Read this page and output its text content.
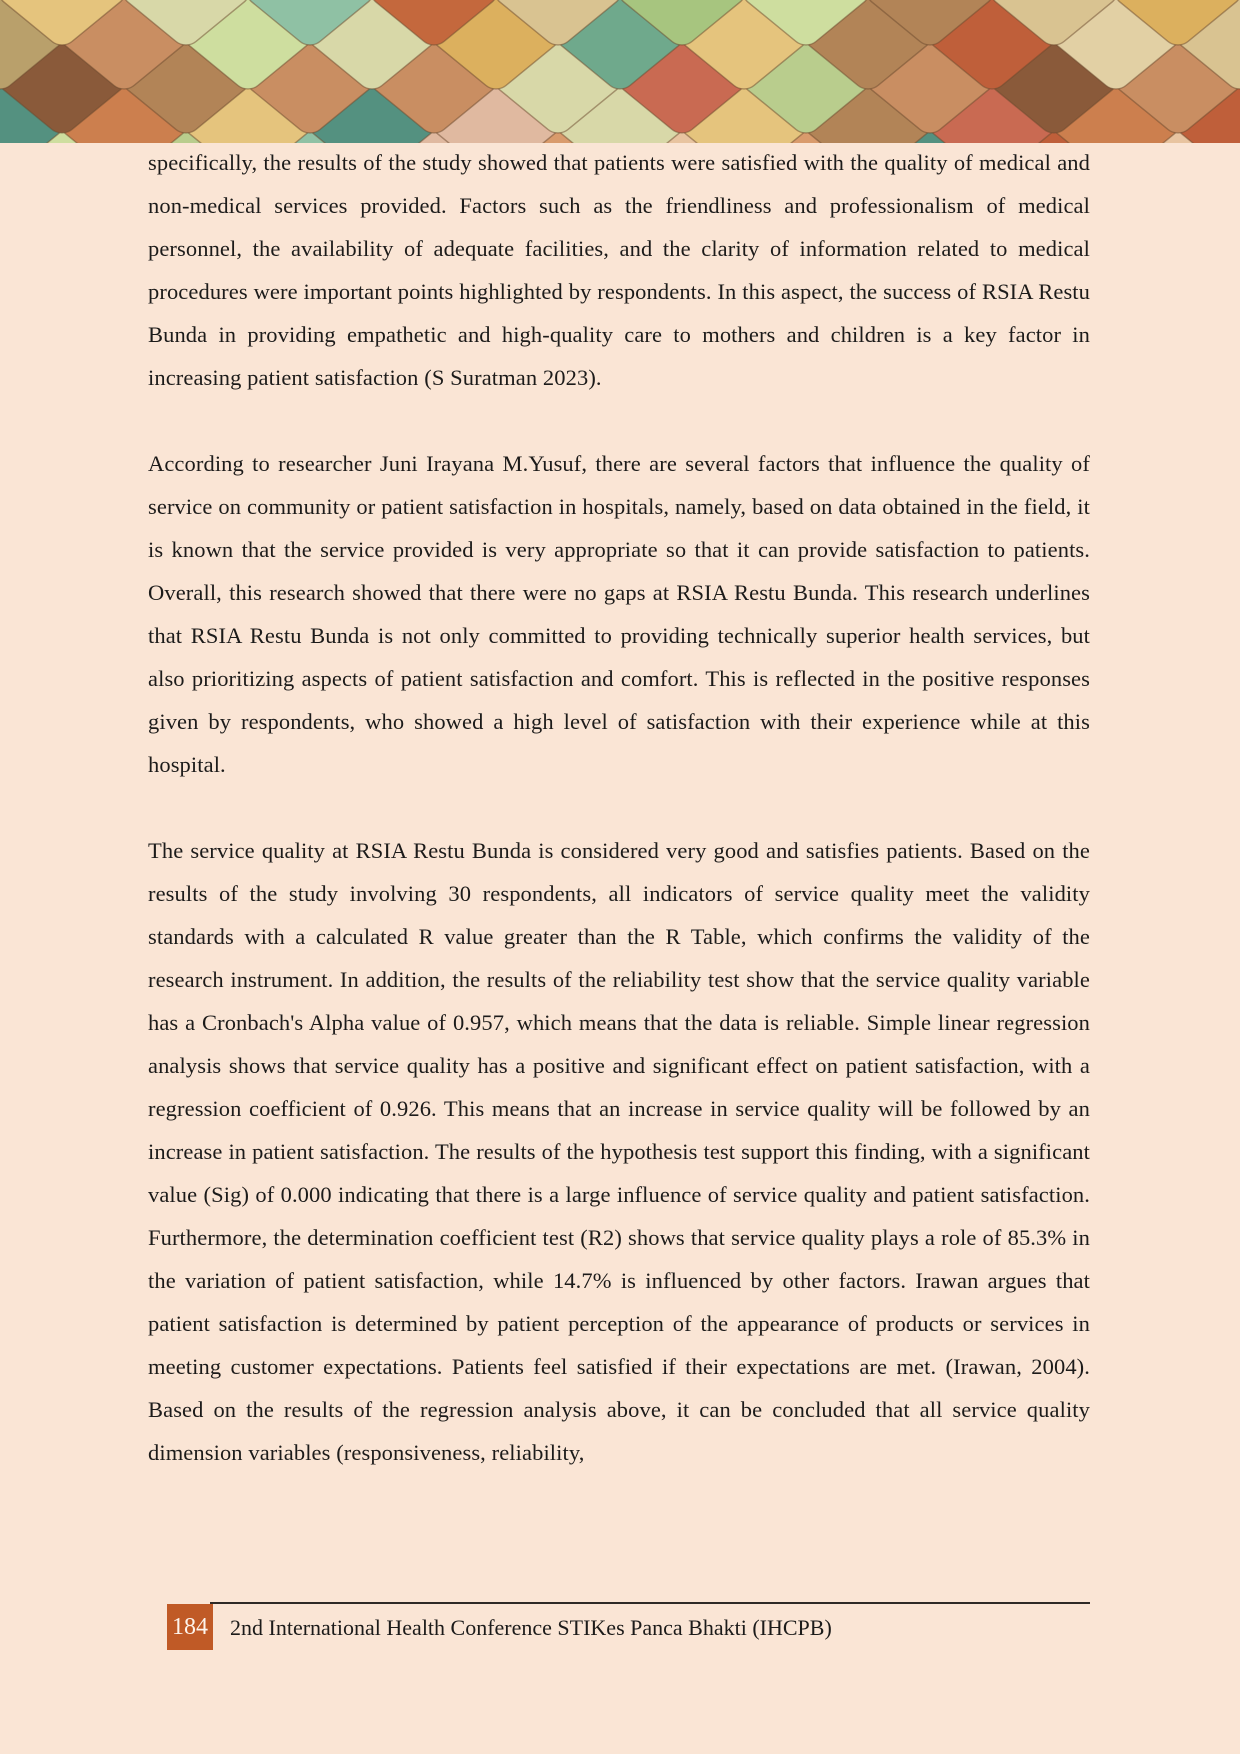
specifically, the results of the study showed that patients were satisfied with the quality of medical and non-medical services provided. Factors such as the friendliness and professionalism of medical personnel, the availability of adequate facilities, and the clarity of information related to medical procedures were important points highlighted by respondents. In this aspect, the success of RSIA Restu Bunda in providing empathetic and high-quality care to mothers and children is a key factor in increasing patient satisfaction (S Suratman 2023).

According to researcher Juni Irayana M.Yusuf, there are several factors that influence the quality of service on community or patient satisfaction in hospitals, namely, based on data obtained in the field, it is known that the service provided is very appropriate so that it can provide satisfaction to patients. Overall, this research showed that there were no gaps at RSIA Restu Bunda. This research underlines that RSIA Restu Bunda is not only committed to providing technically superior health services, but also prioritizing aspects of patient satisfaction and comfort. This is reflected in the positive responses given by respondents, who showed a high level of satisfaction with their experience while at this hospital.

The service quality at RSIA Restu Bunda is considered very good and satisfies patients. Based on the results of the study involving 30 respondents, all indicators of service quality meet the validity standards with a calculated R value greater than the R Table, which confirms the validity of the research instrument. In addition, the results of the reliability test show that the service quality variable has a Cronbach's Alpha value of 0.957, which means that the data is reliable. Simple linear regression analysis shows that service quality has a positive and significant effect on patient satisfaction, with a regression coefficient of 0.926. This means that an increase in service quality will be followed by an increase in patient satisfaction. The results of the hypothesis test support this finding, with a significant value (Sig) of 0.000 indicating that there is a large influence of service quality and patient satisfaction. Furthermore, the determination coefficient test (R2) shows that service quality plays a role of 85.3% in the variation of patient satisfaction, while 14.7% is influenced by other factors. Irawan argues that patient satisfaction is determined by patient perception of the appearance of products or services in meeting customer expectations. Patients feel satisfied if their expectations are met. (Irawan, 2004). Based on the results of the regression analysis above, it can be concluded that all service quality dimension variables (responsiveness, reliability,

184 2nd International Health Conference STIKes Panca Bhakti (IHCPB)
